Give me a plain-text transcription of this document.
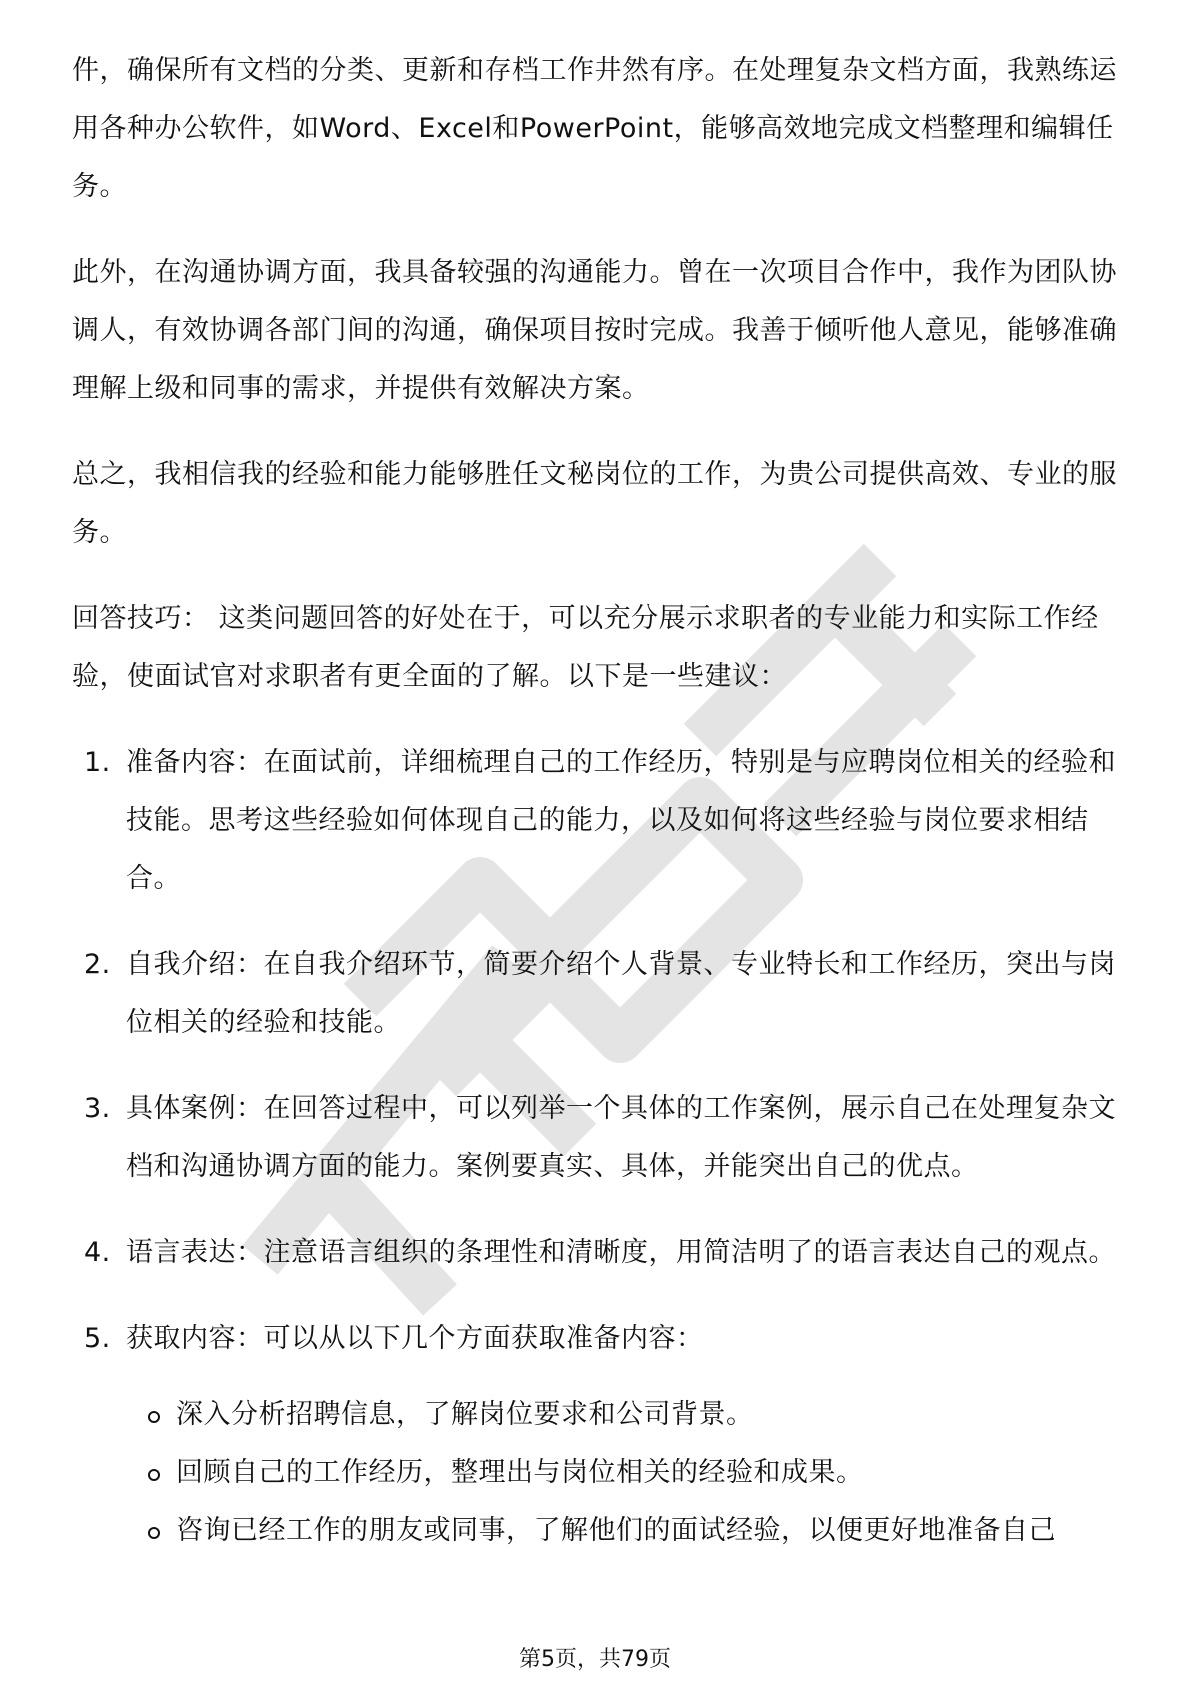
件，确保所有文档的分类、更新和存档工作井然有序。在处理复杂文档方面，我熟练运用各种办公软件，如Word、Excel和PowerPoint，能够高效地完成文档整理和编辑任务。

此外，在沟通协调方面，我具备较强的沟通能力。曾在一次项目合作中，我作为团队协调人，有效协调各部门间的沟通，确保项目按时完成。我善于倾听他人意见，能够准确理解上级和同事的需求，并提供有效解决方案。

总之，我相信我的经验和能力能够胜任文秘岗位的工作，为贵公司提供高效、专业的服务。

回答技巧： 这类问题回答的好处在于，可以充分展示求职者的专业能力和实际工作经验，使面试官对求职者有更全面的了解。以下是一些建议：

1. 准备内容：在面试前，详细梳理自己的工作经历，特别是与应聘岗位相关的经验和技能。思考这些经验如何体现自己的能力，以及如何将这些经验与岗位要求相结合。
2. 自我介绍：在自我介绍环节，简要介绍个人背景、专业特长和工作经历，突出与岗位相关的经验和技能。
3. 具体案例：在回答过程中，可以列举一个具体的工作案例，展示自己在处理复杂文档和沟通协调方面的能力。案例要真实、具体，并能突出自己的优点。
4. 语言表达：注意语言组织的条理性和清晰度，用简洁明了的语言表达自己的观点。
5. 获取内容：可以从以下几个方面获取准备内容：
深入分析招聘信息，了解岗位要求和公司背景。
回顾自己的工作经历，整理出与岗位相关的经验和成果。
咨询已经工作的朋友或同事，了解他们的面试经验，以便更好地准备自己
第5页，共79页
